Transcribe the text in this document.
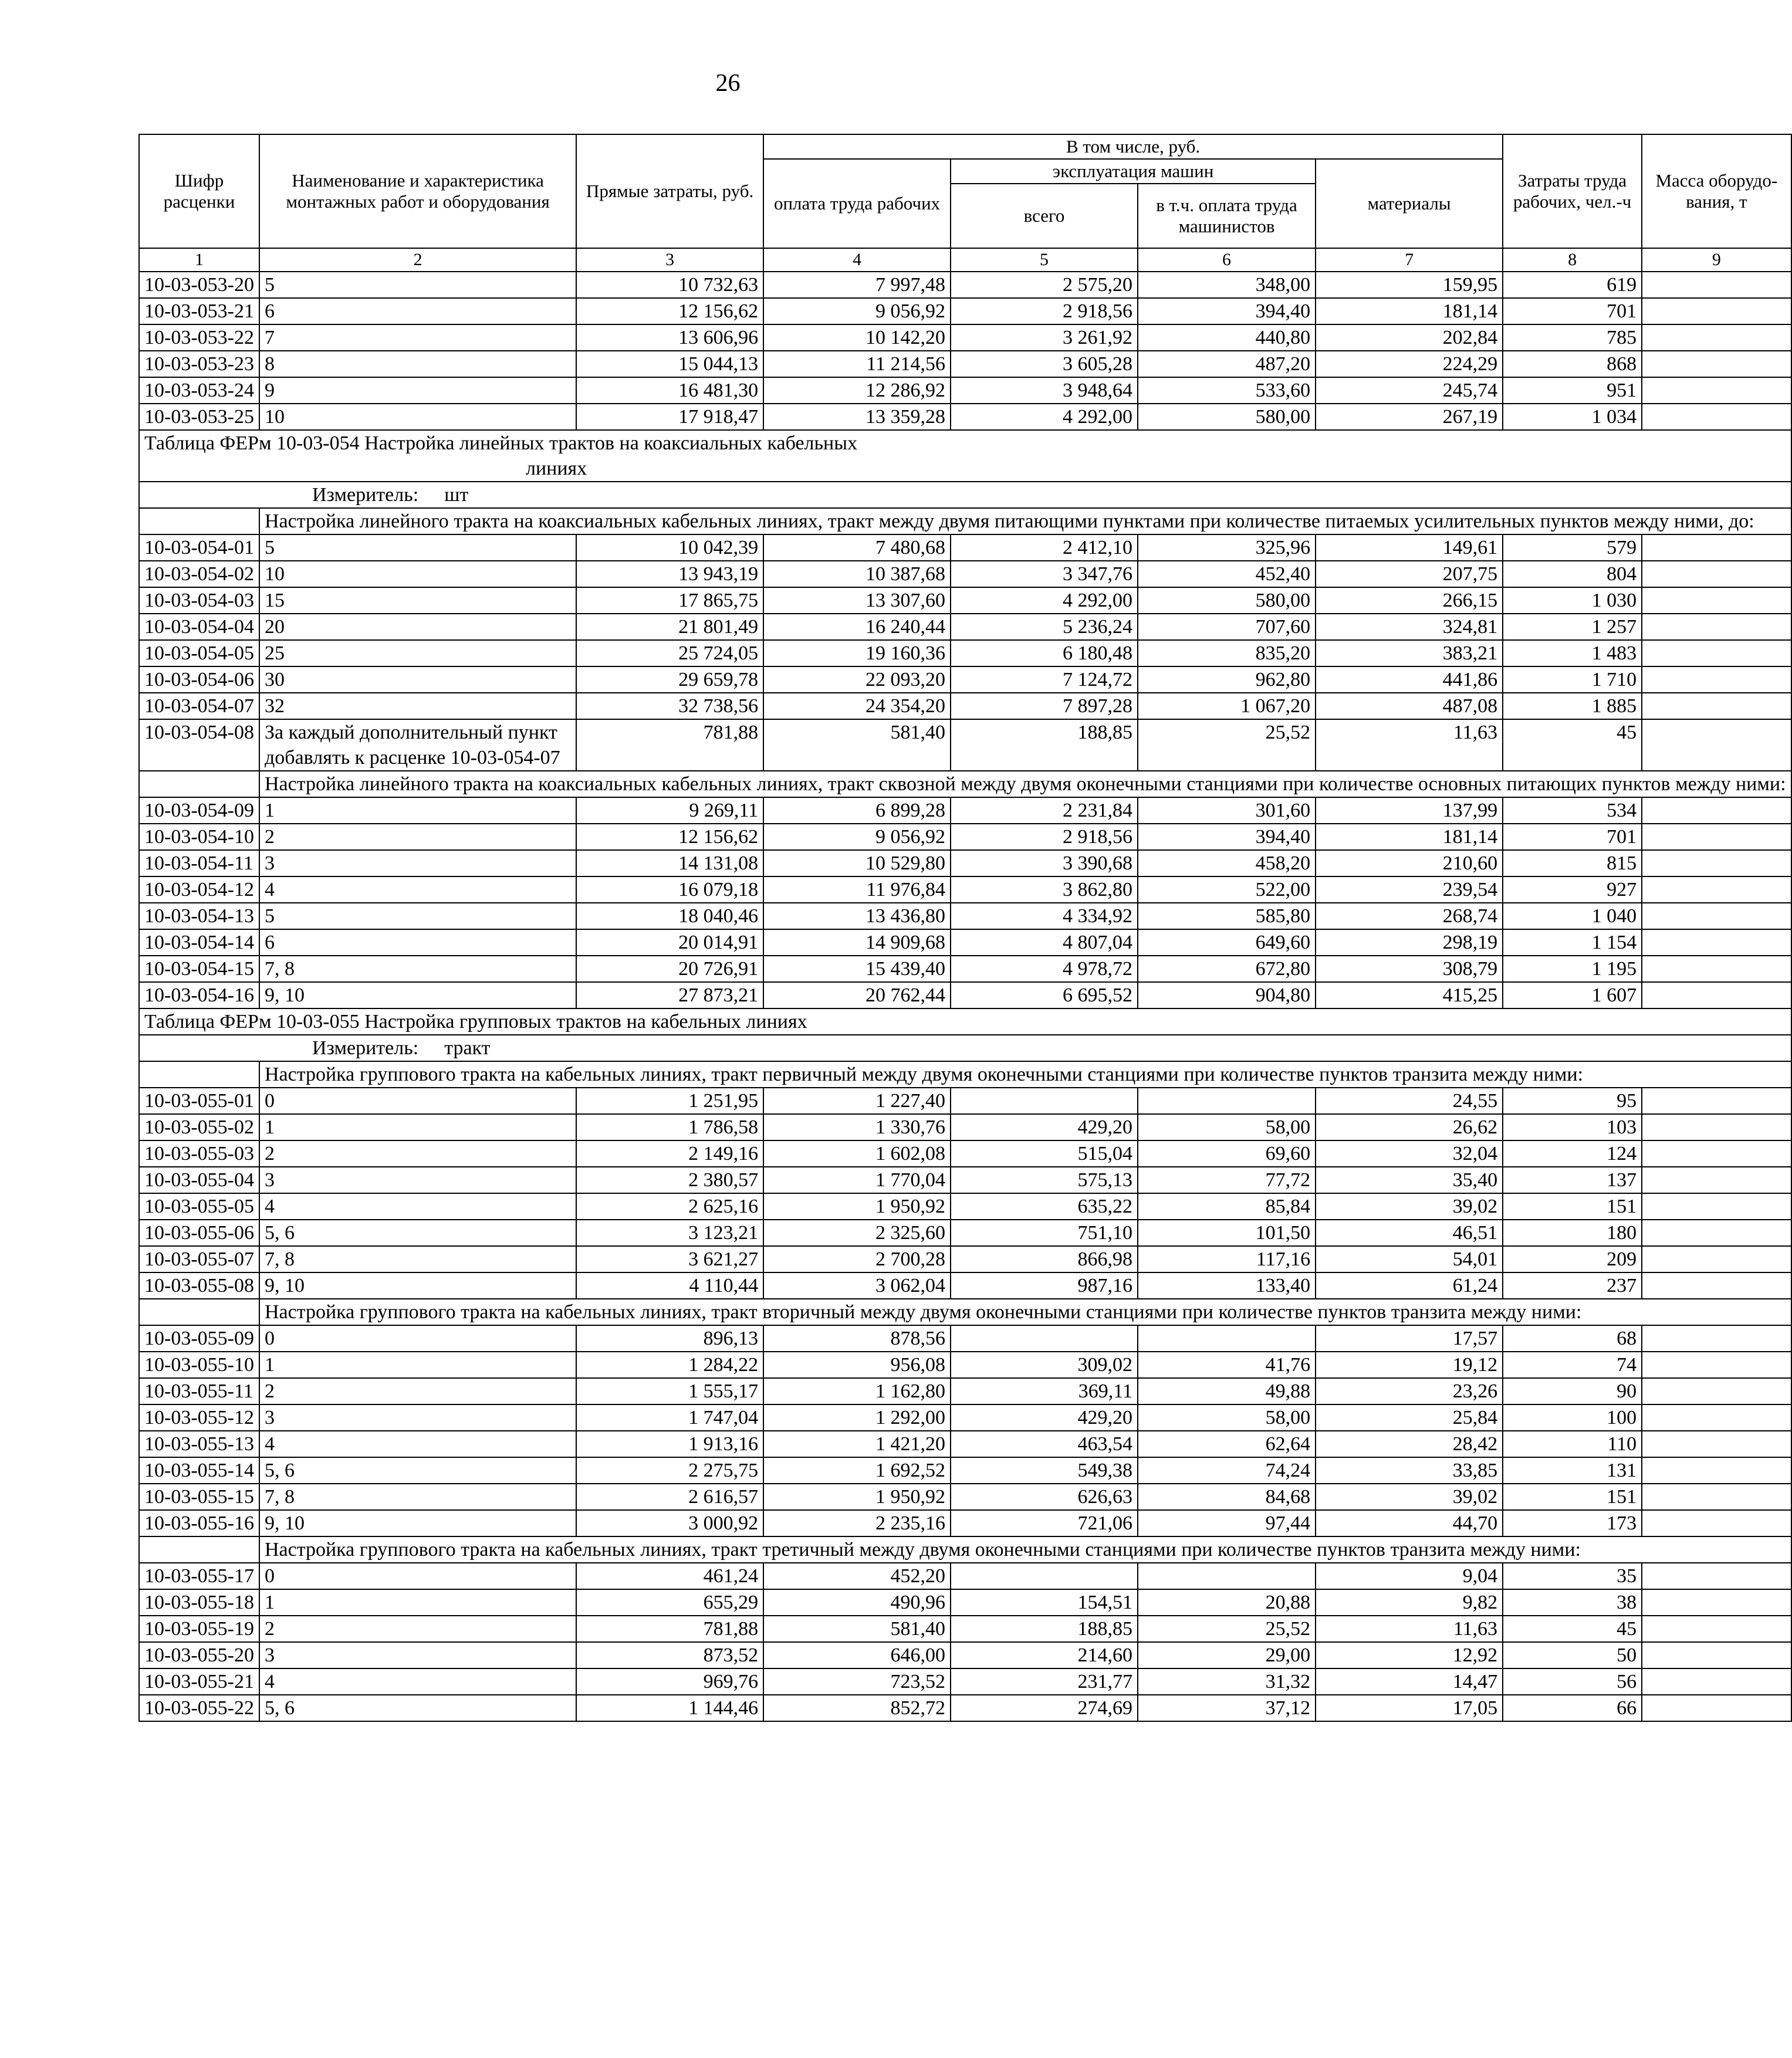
26
Шифр расценки	Наименование и характеристика монтажных работ и оборудования	Прямые затраты, руб.	В том числе, руб.				Затраты труда рабочих, чел.-ч	Масса оборудо-вания, т
			оплата труда рабочих	эксплуатация машин		материалы		
				всего	в т.ч. оплата труда машинистов			

1	2	3	4	5	6	7	8	9
10-03-053-20	5	10 732,63	7 997,48	2 575,20	348,00	159,95	619	
10-03-053-21	6	12 156,62	9 056,92	2 918,56	394,40	181,14	701	
10-03-053-22	7	13 606,96	10 142,20	3 261,92	440,80	202,84	785	
10-03-053-23	8	15 044,13	11 214,56	3 605,28	487,20	224,29	868	
10-03-053-24	9	16 481,30	12 286,92	3 948,64	533,60	245,74	951	
10-03-053-25	10	17 918,47	13 359,28	4 292,00	580,00	267,19	1 034	
Таблица ФЕРм 10-03-054 Настройка линейных трактов на коаксиальных кабельных
линиях								

Измеритель: шт								
	Настройка линейного тракта на коаксиальных кабельных линиях, тракт между двумя питающими пунктами при количестве питаемых усилительных пунктов между ними, до:							
10-03-054-01	5	10 042,39	7 480,68	2 412,10	325,96	149,61	579	
10-03-054-02	10	13 943,19	10 387,68	3 347,76	452,40	207,75	804	
10-03-054-03	15	17 865,75	13 307,60	4 292,00	580,00	266,15	1 030	
10-03-054-04	20	21 801,49	16 240,44	5 236,24	707,60	324,81	1 257	
10-03-054-05	25	25 724,05	19 160,36	6 180,48	835,20	383,21	1 483	
10-03-054-06	30	29 659,78	22 093,20	7 124,72	962,80	441,86	1 710	
10-03-054-07	32	32 738,56	24 354,20	7 897,28	1 067,20	487,08	1 885	
10-03-054-08	За каждый дополнительный пункт добавлять к расценке 10-03-054-07	781,88	581,40	188,85	25,52	11,63	45	
	Настройка линейного тракта на коаксиальных кабельных линиях, тракт сквозной между двумя оконечными станциями при количестве основных питающих пунктов между ними:							
10-03-054-09	1	9 269,11	6 899,28	2 231,84	301,60	137,99	534	
10-03-054-10	2	12 156,62	9 056,92	2 918,56	394,40	181,14	701	
10-03-054-11	3	14 131,08	10 529,80	3 390,68	458,20	210,60	815	
10-03-054-12	4	16 079,18	11 976,84	3 862,80	522,00	239,54	927	
10-03-054-13	5	18 040,46	13 436,80	4 334,92	585,80	268,74	1 040	
10-03-054-14	6	20 014,91	14 909,68	4 807,04	649,60	298,19	1 154	
10-03-054-15	7, 8	20 726,91	15 439,40	4 978,72	672,80	308,79	1 195	
10-03-054-16	9, 10	27 873,21	20 762,44	6 695,52	904,80	415,25	1 607	
Таблица ФЕРм 10-03-055 Настройка групповых трактов на кабельных линиях								
Измеритель: тракт								
	Настройка группового тракта на кабельных линиях, тракт первичный между двумя оконечными станциями при количестве пунктов транзита между ними:							
10-03-055-01	0	1 251,95	1 227,40			24,55	95	
10-03-055-02	1	1 786,58	1 330,76	429,20	58,00	26,62	103	
10-03-055-03	2	2 149,16	1 602,08	515,04	69,60	32,04	124	
10-03-055-04	3	2 380,57	1 770,04	575,13	77,72	35,40	137	
10-03-055-05	4	2 625,16	1 950,92	635,22	85,84	39,02	151	
10-03-055-06	5, 6	3 123,21	2 325,60	751,10	101,50	46,51	180	
10-03-055-07	7, 8	3 621,27	2 700,28	866,98	117,16	54,01	209	
10-03-055-08	9, 10	4 110,44	3 062,04	987,16	133,40	61,24	237	
	Настройка группового тракта на кабельных линиях, тракт вторичный между двумя оконечными станциями при количестве пунктов транзита между ними:							
10-03-055-09	0	896,13	878,56			17,57	68	
10-03-055-10	1	1 284,22	956,08	309,02	41,76	19,12	74	
10-03-055-11	2	1 555,17	1 162,80	369,11	49,88	23,26	90	
10-03-055-12	3	1 747,04	1 292,00	429,20	58,00	25,84	100	
10-03-055-13	4	1 913,16	1 421,20	463,54	62,64	28,42	110	
10-03-055-14	5, 6	2 275,75	1 692,52	549,38	74,24	33,85	131	
10-03-055-15	7, 8	2 616,57	1 950,92	626,63	84,68	39,02	151	
10-03-055-16	9, 10	3 000,92	2 235,16	721,06	97,44	44,70	173	
	Настройка группового тракта на кабельных линиях, тракт третичный между двумя оконечными станциями при количестве пунктов транзита между ними:							
10-03-055-17	0	461,24	452,20			9,04	35	
10-03-055-18	1	655,29	490,96	154,51	20,88	9,82	38	
10-03-055-19	2	781,88	581,40	188,85	25,52	11,63	45	
10-03-055-20	3	873,52	646,00	214,60	29,00	12,92	50	
10-03-055-21	4	969,76	723,52	231,77	31,32	14,47	56	
10-03-055-22	5, 6	1 144,46	852,72	274,69	37,12	17,05	66	
